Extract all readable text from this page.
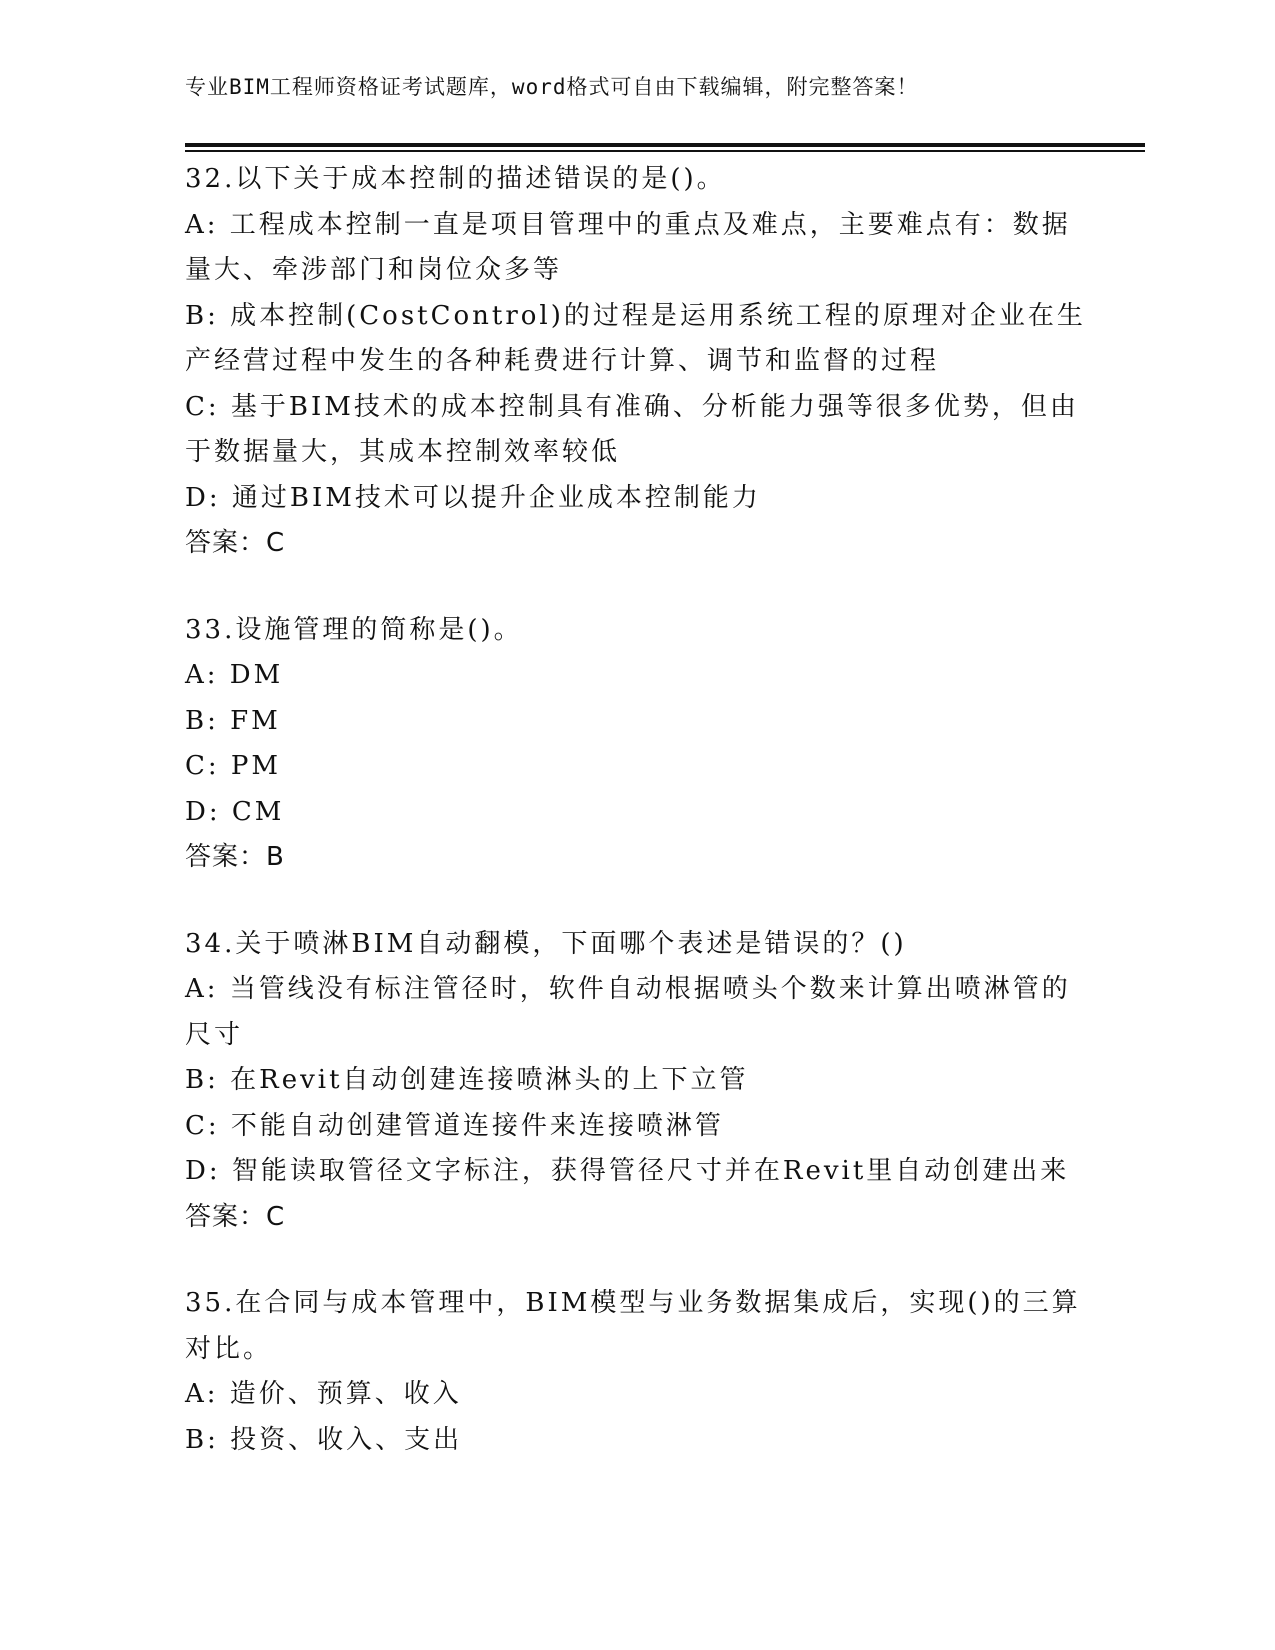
专业BIM工程师资格证考试题库，word格式可自由下载编辑，附完整答案！
32.以下关于成本控制的描述错误的是()。
A: 工程成本控制一直是项目管理中的重点及难点，主要难点有：数据
量大、牵涉部门和岗位众多等
B: 成本控制(CostControl)的过程是运用系统工程的原理对企业在生
产经营过程中发生的各种耗费进行计算、调节和监督的过程
C: 基于BIM技术的成本控制具有准确、分析能力强等很多优势，但由
于数据量大，其成本控制效率较低
D: 通过BIM技术可以提升企业成本控制能力
答案：C
33.设施管理的简称是()。
A: DM
B: FM
C: PM
D: CM
答案：B
34.关于喷淋BIM自动翻模，下面哪个表述是错误的？()
A: 当管线没有标注管径时，软件自动根据喷头个数来计算出喷淋管的
尺寸
B: 在Revit自动创建连接喷淋头的上下立管
C: 不能自动创建管道连接件来连接喷淋管
D: 智能读取管径文字标注，获得管径尺寸并在Revit里自动创建出来
答案：C
35.在合同与成本管理中，BIM模型与业务数据集成后，实现()的三算
对比。
A: 造价、预算、收入
B: 投资、收入、支出
